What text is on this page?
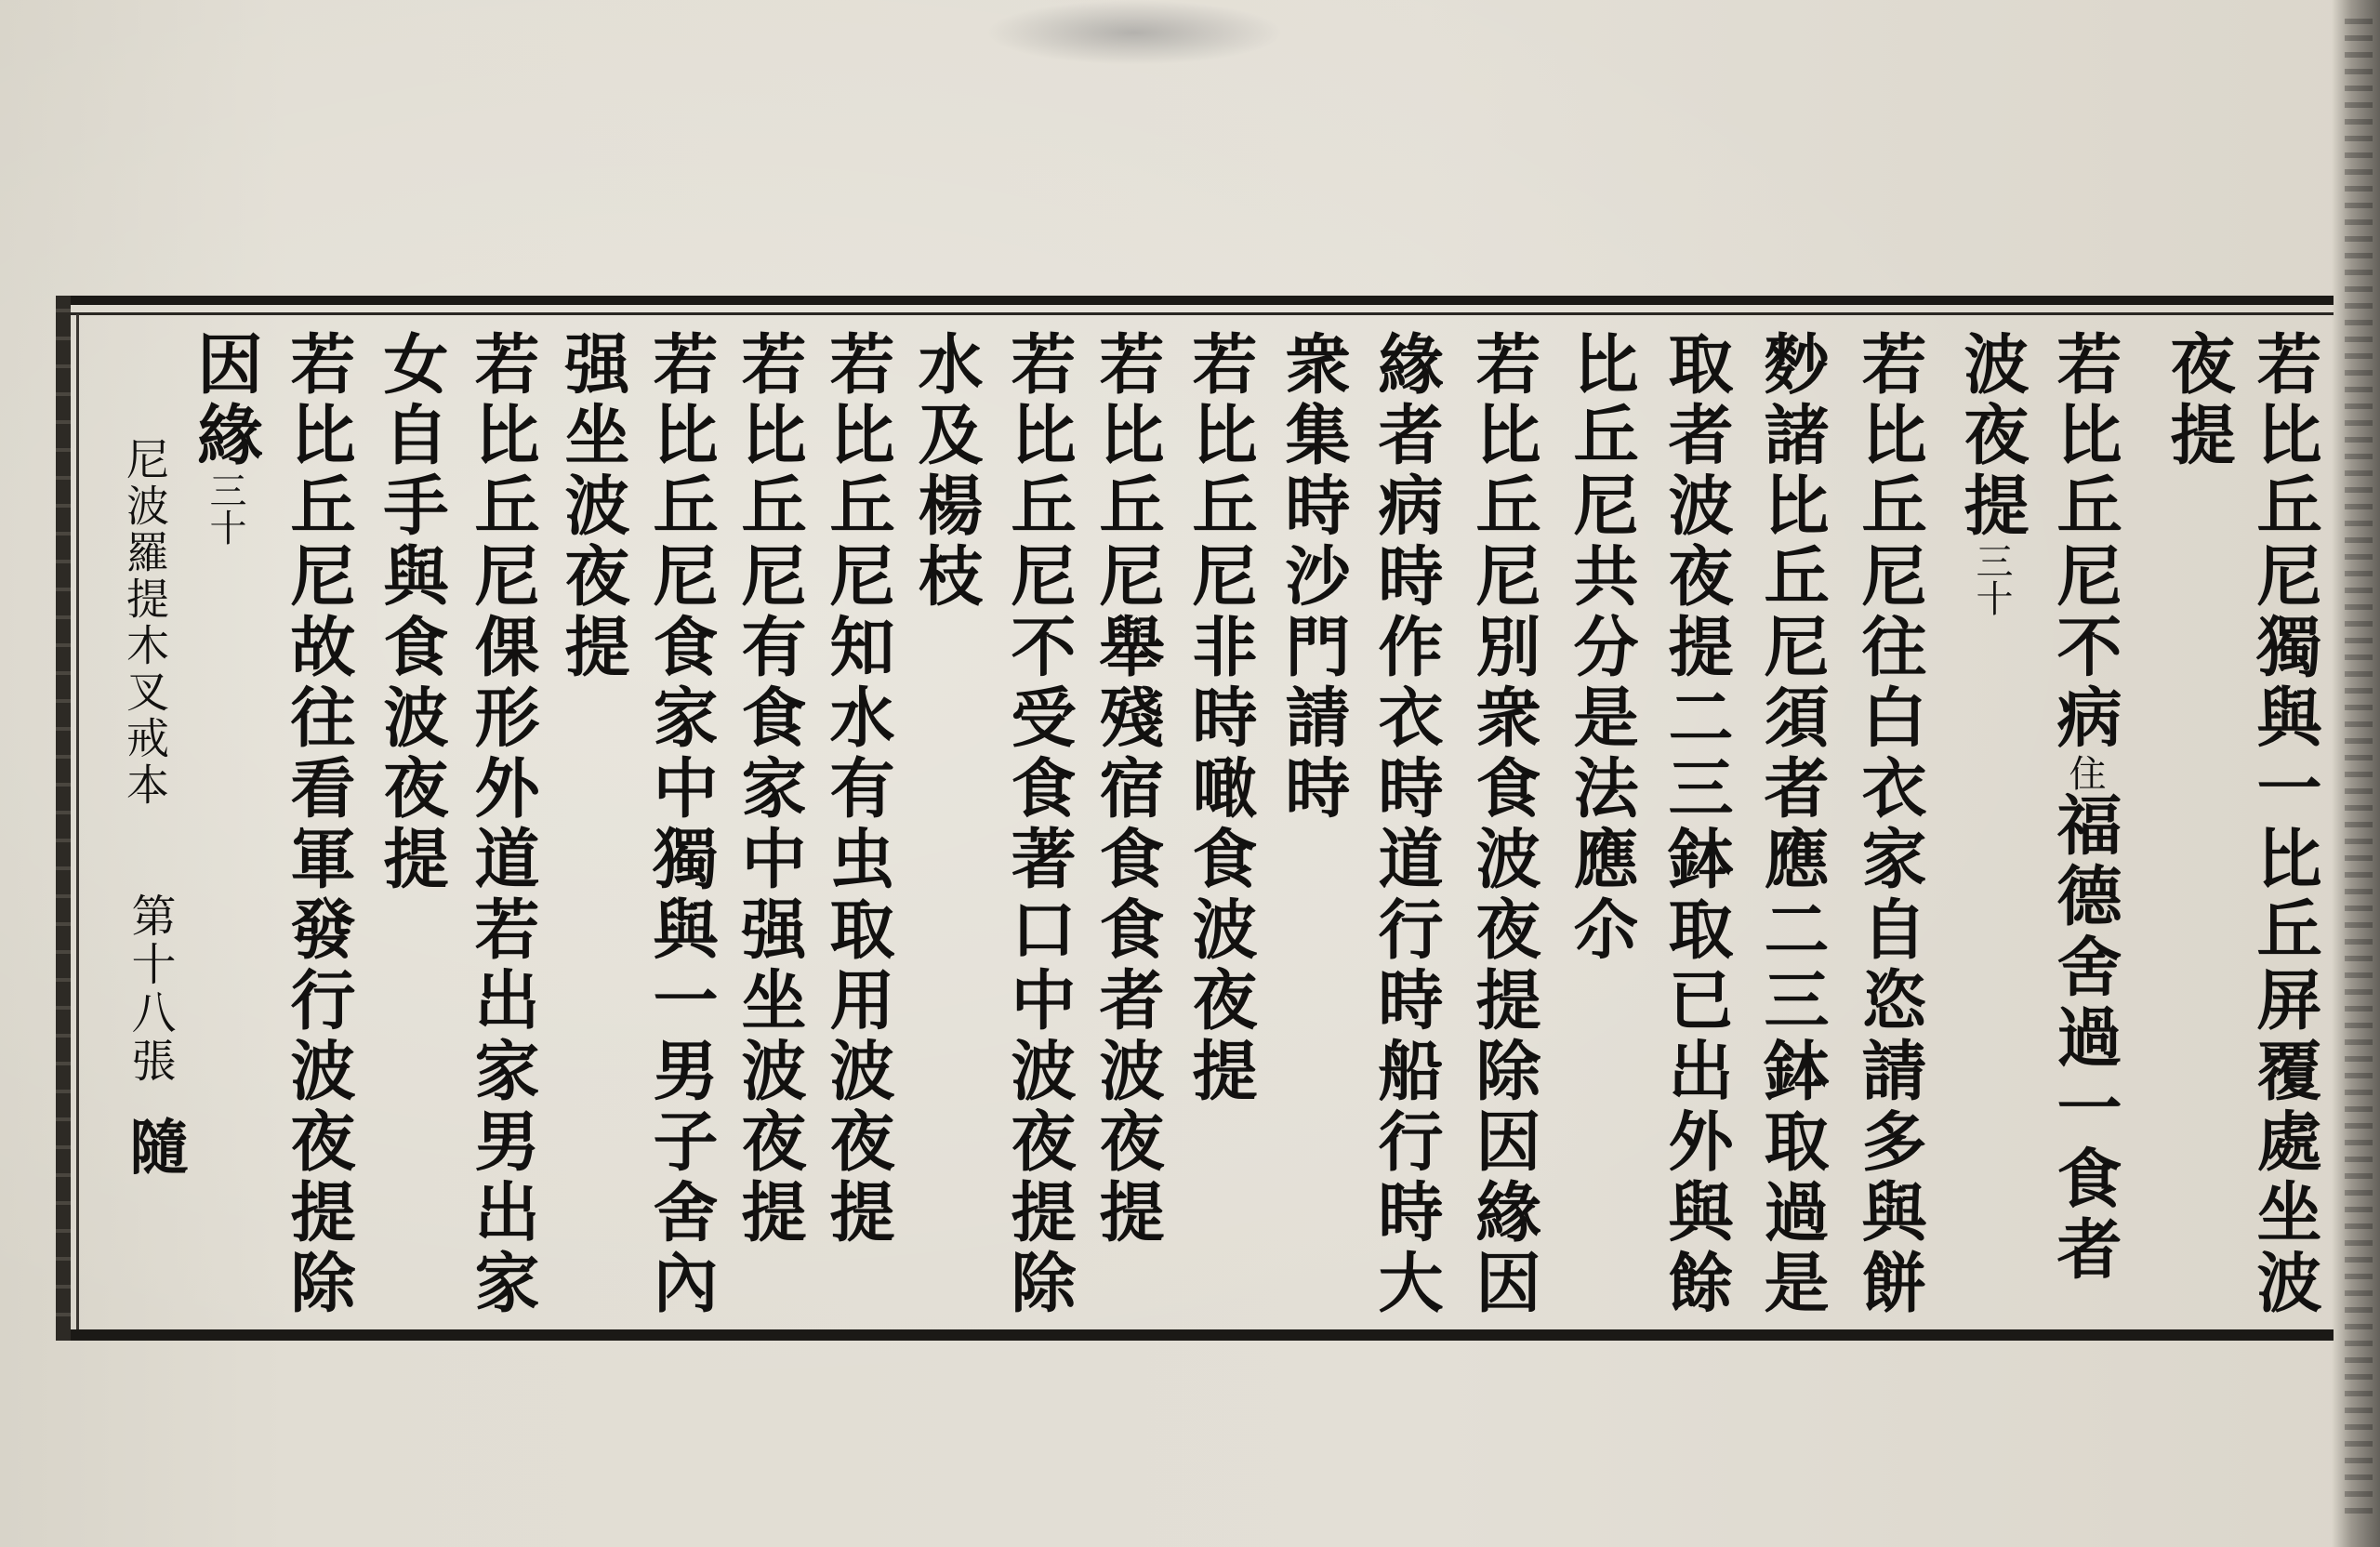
若比丘尼獨與一比丘屏覆處坐波
夜提
若比丘尼不病住福德舍過一食者
波夜提三十
若比丘尼往白衣家自恣請多與餅
麨諸比丘尼須者應二三鉢取過是
取者波夜提二三鉢取已出外與餘
比丘尼共分是法應尒
若比丘尼別衆食波夜提除因緣因
緣者病時作衣時道行時船行時大
衆集時沙門請時
若比丘尼非時噉食波夜提
若比丘尼舉殘宿食食者波夜提
若比丘尼不受食著口中波夜提除
水及楊枝
若比丘尼知水有虫取用波夜提
若比丘尼有食家中强坐波夜提
若比丘尼食家中獨與一男子舍內
强坐波夜提
若比丘尼倮形外道若出家男出家
女自手與食波夜提
若比丘尼故往看軍發行波夜提除
因緣三十
尼波羅提木叉戒本
第十八張
隨
